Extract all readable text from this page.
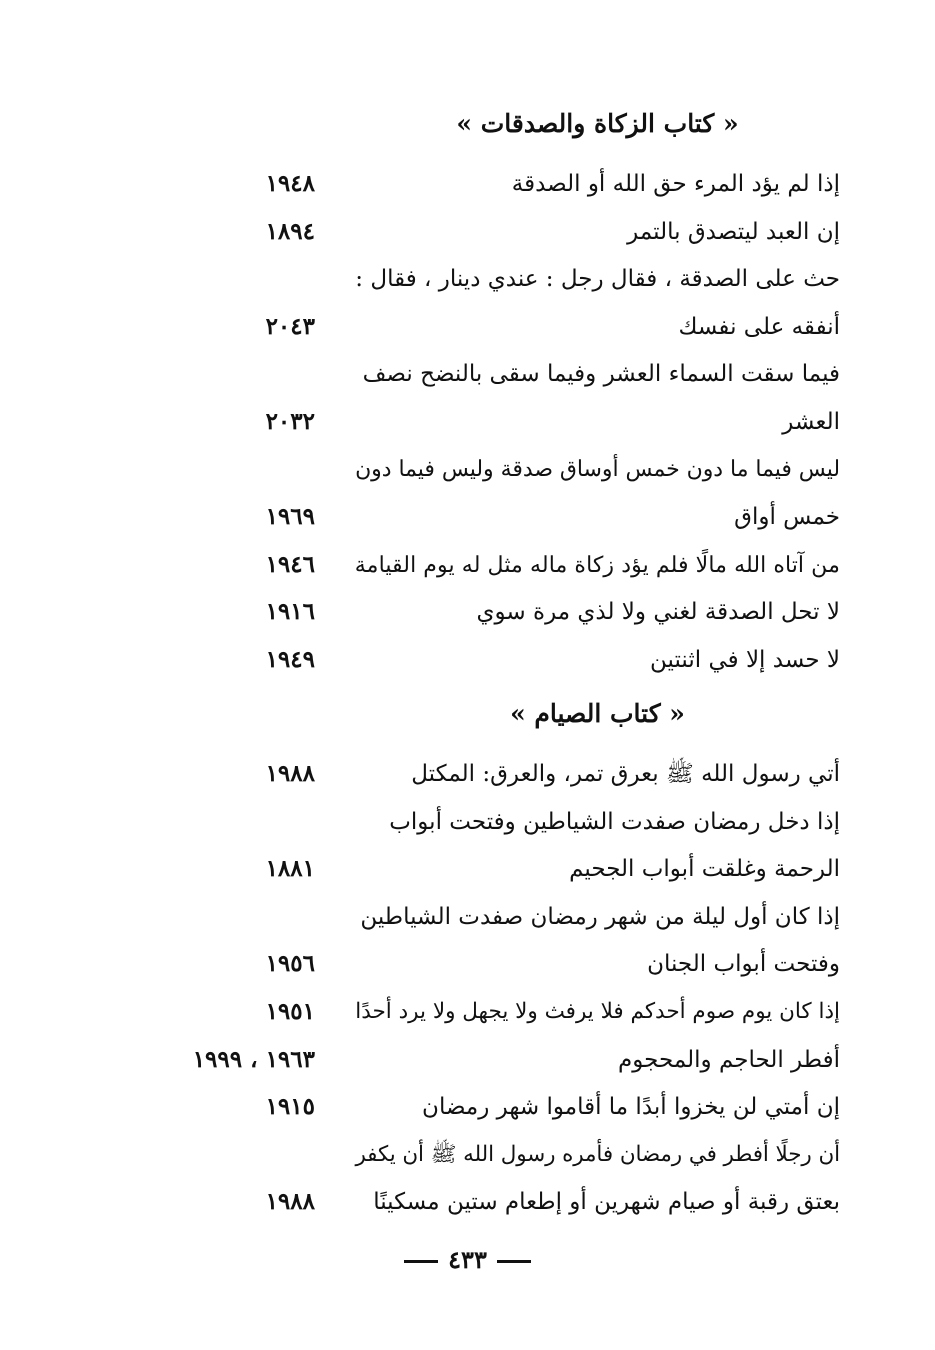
« كتاب الزكاة والصدقات »
إذا لم يؤد المرء حق الله أو الصدقة
١٩٤٨
إن العبد ليتصدق بالتمر
١٨٩٤
حث على الصدقة ، فقال رجل : عندي دينار ، فقال :
أنفقه على نفسك
٢٠٤٣
فيما سقت السماء العشر وفيما سقى بالنضح نصف
العشر
٢٠٣٢
ليس فيما ما دون خمس أوساق صدقة وليس فيما دون
خمس أواق
١٩٦٩
من آتاه الله مالًا فلم يؤد زكاة ماله مثل له يوم القيامة
١٩٤٦
لا تحل الصدقة لغني ولا لذي مرة سوي
١٩١٦
لا حسد إلا في اثنتين
١٩٤٩
« كتاب الصيام »
أتي رسول الله ﷺ بعرق تمر، والعرق: المكتل
١٩٨٨
إذا دخل رمضان صفدت الشياطين وفتحت أبواب
الرحمة وغلقت أبواب الجحيم
١٨٨١
إذا كان أول ليلة من شهر رمضان صفدت الشياطين
وفتحت أبواب الجنان
١٩٥٦
إذا كان يوم صوم أحدكم فلا يرفث ولا يجهل ولا يرد أحدًا
١٩٥١
أفطر الحاجم والمحجوم
١٩٦٣ ، ١٩٩٩
إن أمتي لن يخزوا أبدًا ما أقاموا شهر رمضان
١٩١٥
أن رجلًا أفطر في رمضان فأمره رسول الله ﷺ أن يكفر
بعتق رقبة أو صيام شهرين أو إطعام ستين مسكينًا
١٩٨٨
٤٣٣
